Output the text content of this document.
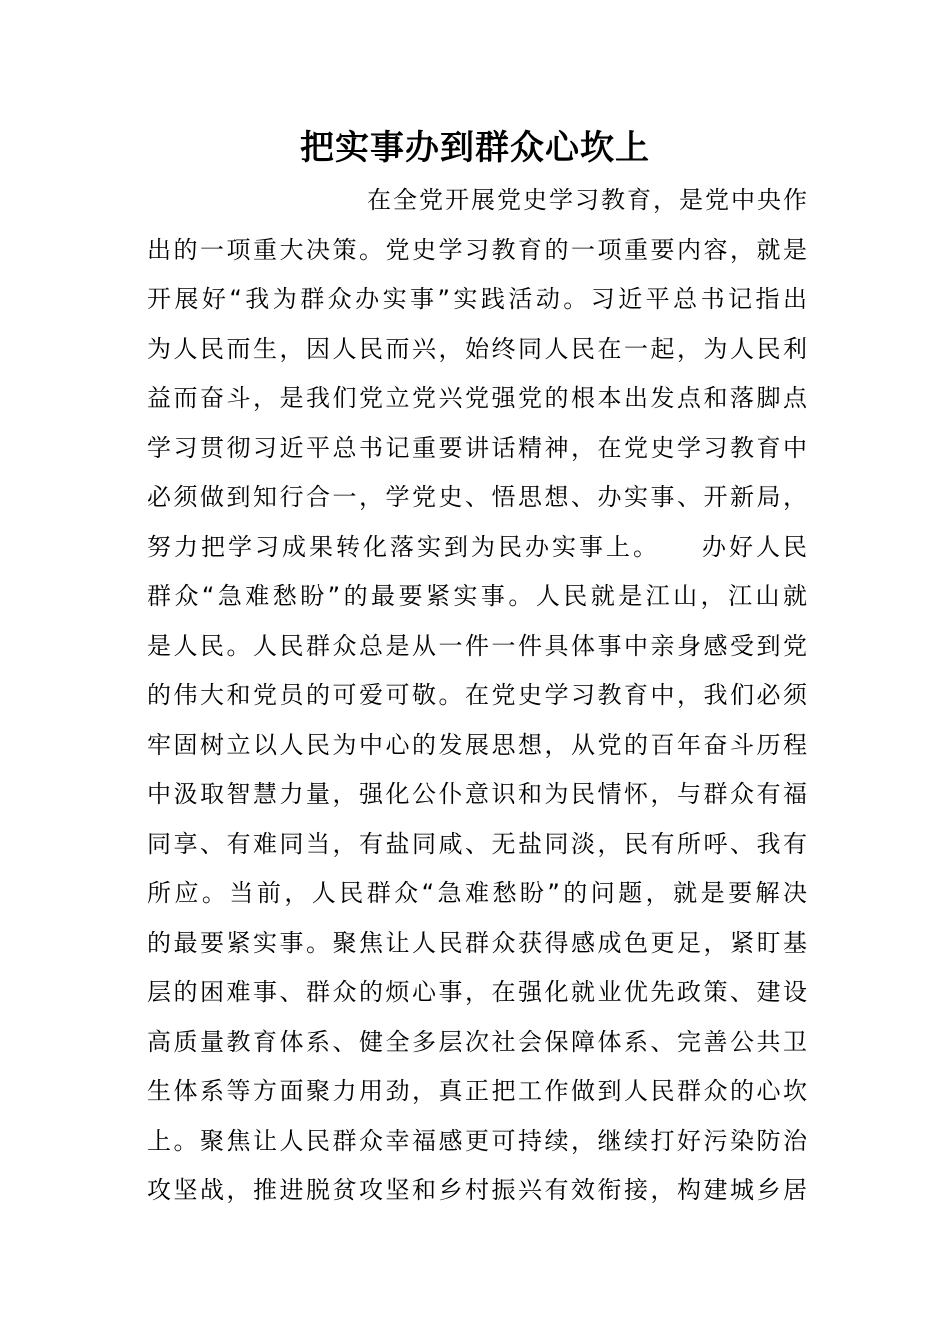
把实事办到群众心坎上
在全党开展党史学习教育，是党中央作
出的一项重大决策。党史学习教育的一项重要内容，就是
开展好“我为群众办实事”实践活动。习近平总书记指出
为人民而生，因人民而兴，始终同人民在一起，为人民利
益而奋斗，是我们党立党兴党强党的根本出发点和落脚点
学习贯彻习近平总书记重要讲话精神，在党史学习教育中
必须做到知行合一，学党史、悟思想、办实事、开新局，
努力把学习成果转化落实到为民办实事上。　　办好人民
群众“急难愁盼”的最要紧实事。人民就是江山，江山就
是人民。人民群众总是从一件一件具体事中亲身感受到党
的伟大和党员的可爱可敬。在党史学习教育中，我们必须
牢固树立以人民为中心的发展思想，从党的百年奋斗历程
中汲取智慧力量，强化公仆意识和为民情怀，与群众有福
同享、有难同当，有盐同咸、无盐同淡，民有所呼、我有
所应。当前，人民群众“急难愁盼”的问题，就是要解决
的最要紧实事。聚焦让人民群众获得感成色更足，紧盯基
层的困难事、群众的烦心事，在强化就业优先政策、建设
高质量教育体系、健全多层次社会保障体系、完善公共卫
生体系等方面聚力用劲，真正把工作做到人民群众的心坎
上。聚焦让人民群众幸福感更可持续，继续打好污染防治
攻坚战，推进脱贫攻坚和乡村振兴有效衔接，构建城乡居
